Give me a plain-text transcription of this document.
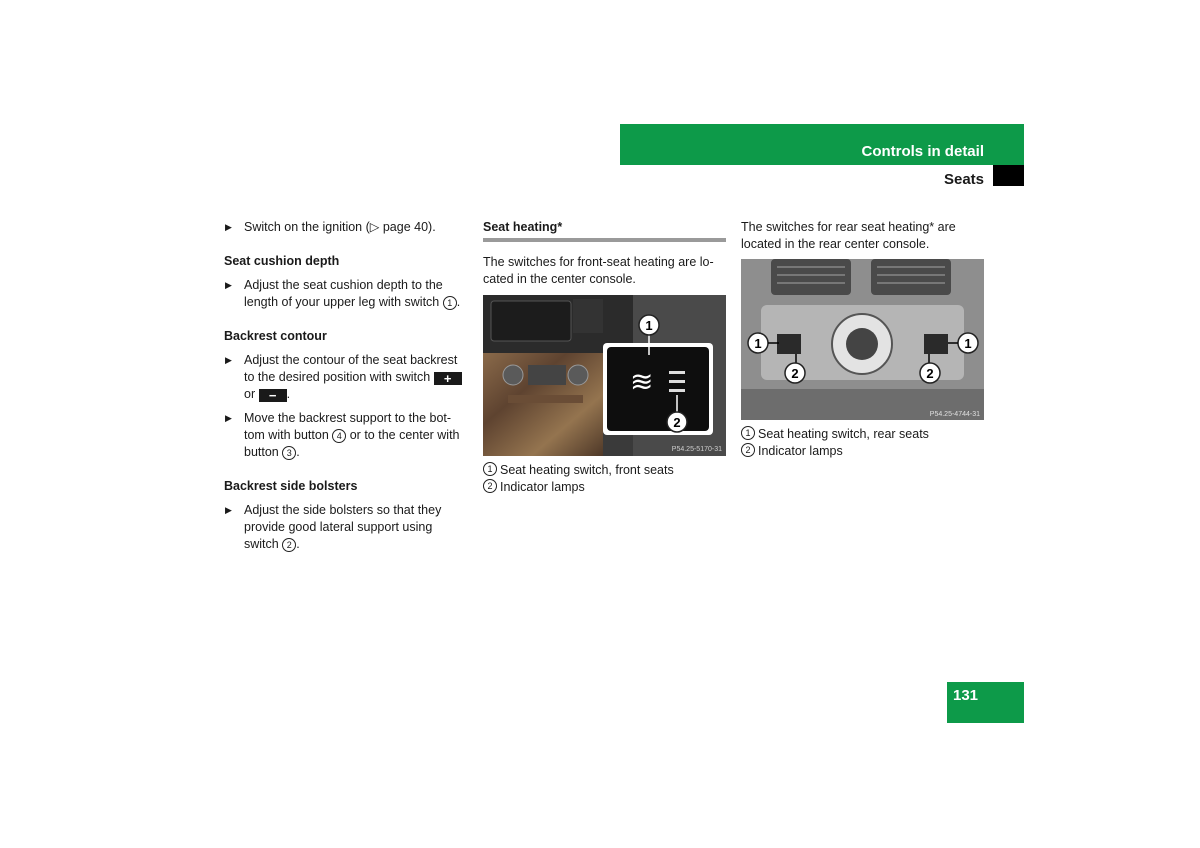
Controls in detail
Seats

▶ Switch on the ignition (▷ page 40).

Seat cushion depth

▶ Adjust the seat cushion depth to the length of your upper leg with switch 1 .

Backrest contour

▶ Adjust the contour of the seat backrest to the desired position with switch + or − .

▶ Move the backrest support to the bot-tom with button 4 or to the center with button 3 .

Backrest side bolsters

▶ Adjust the side bolsters so that they provide good lateral support using switch 2 .

Seat heating*

The switches for front-seat heating are lo-cated in the center console.

≋
1
2
P54.25-5170-31
1 Seat heating switch, front seats
2 Indicator lamps

The switches for rear seat heating* are located in the rear center console.

1
2
1
2
P54.25-4744-31
1 Seat heating switch, rear seats
2 Indicator lamps
131
